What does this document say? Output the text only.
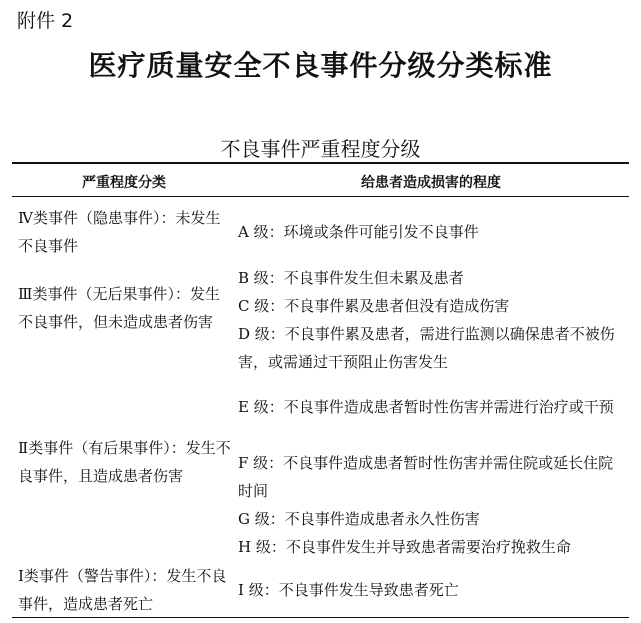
附件 2
医疗质量安全不良事件分级分类标准
不良事件严重程度分级
严重程度分类	给患者造成损害的程度
Ⅳ类事件（隐患事件）：未发生不良事件
A 级：环境或条件可能引发不良事件
Ⅲ类事件（无后果事件）：发生不良事件，但未造成患者伤害
B 级：不良事件发生但未累及患者
C 级：不良事件累及患者但没有造成伤害
D 级：不良事件累及患者，需进行监测以确保患者不被伤害，或需通过干预阻止伤害发生
Ⅱ类事件（有后果事件）：发生不良事件，且造成患者伤害
E 级：不良事件造成患者暂时性伤害并需进行治疗或干预
F 级：不良事件造成患者暂时性伤害并需住院或延长住院时间
G 级：不良事件造成患者永久性伤害
H 级：不良事件发生并导致患者需要治疗挽救生命
Ⅰ类事件（警告事件）：发生不良事件，造成患者死亡
I 级：不良事件发生导致患者死亡
